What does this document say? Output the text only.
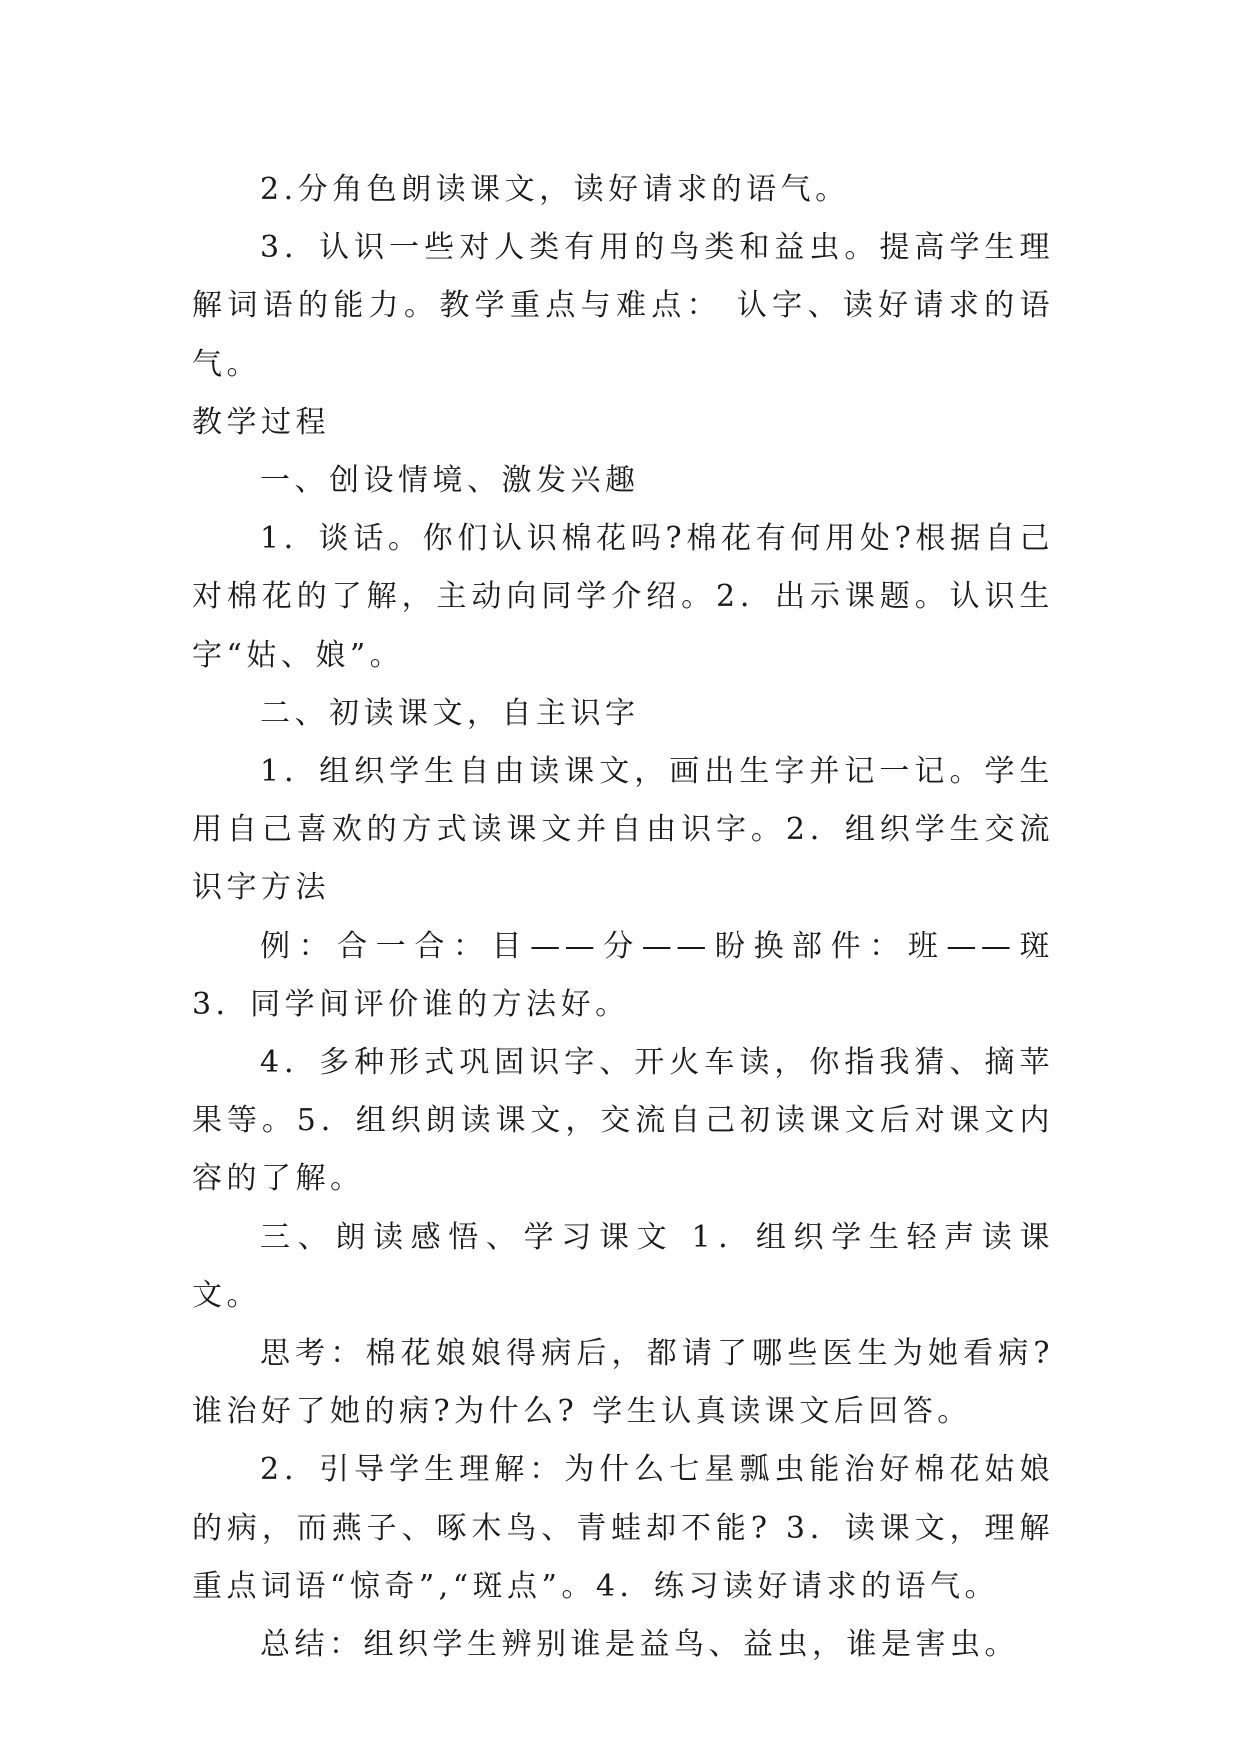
2.分角色朗读课文，读好请求的语气。

3．认识一些对人类有用的鸟类和益虫。提高学生理解词语的能力。教学重点与难点： 认字、读好请求的语气。

教学过程

一、创设情境、激发兴趣

1．谈话。你们认识棉花吗?棉花有何用处?根据自己对棉花的了解，主动向同学介绍。2．出示课题。认识生字“姑、娘”。

二、初读课文，自主识字

1．组织学生自由读课文，画出生字并记一记。学生用自己喜欢的方式读课文并自由识字。2．组织学生交流识字方法

例：合一合：目——分——盼换部件：班——斑 3．同学间评价谁的方法好。

4．多种形式巩固识字、开火车读，你指我猜、摘苹果等。5．组织朗读课文，交流自己初读课文后对课文内容的了解。

三、朗读感悟、学习课文 1．组织学生轻声读课文。

思考：棉花娘娘得病后，都请了哪些医生为她看病?谁治好了她的病?为什么? 学生认真读课文后回答。

2．引导学生理解：为什么七星瓢虫能治好棉花姑娘的病，而燕子、啄木鸟、青蛙却不能? 3．读课文，理解重点词语“惊奇”,“斑点”。4．练习读好请求的语气。

总结：组织学生辨别谁是益鸟、益虫，谁是害虫。
